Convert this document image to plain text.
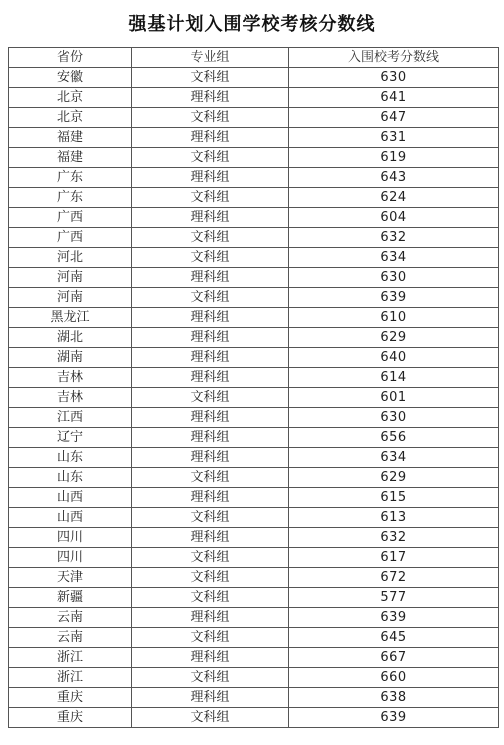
强基计划入围学校考核分数线
省份	专业组	入围校考分数线
安徽	文科组	630
北京	理科组	641
北京	文科组	647
福建	理科组	631
福建	文科组	619
广东	理科组	643
广东	文科组	624
广西	理科组	604
广西	文科组	632
河北	文科组	634
河南	理科组	630
河南	文科组	639
黑龙江	理科组	610
湖北	理科组	629
湖南	理科组	640
吉林	理科组	614
吉林	文科组	601
江西	理科组	630
辽宁	理科组	656
山东	理科组	634
山东	文科组	629
山西	理科组	615
山西	文科组	613
四川	理科组	632
四川	文科组	617
天津	文科组	672
新疆	文科组	577
云南	理科组	639
云南	文科组	645
浙江	理科组	667
浙江	文科组	660
重庆	理科组	638
重庆	文科组	639
